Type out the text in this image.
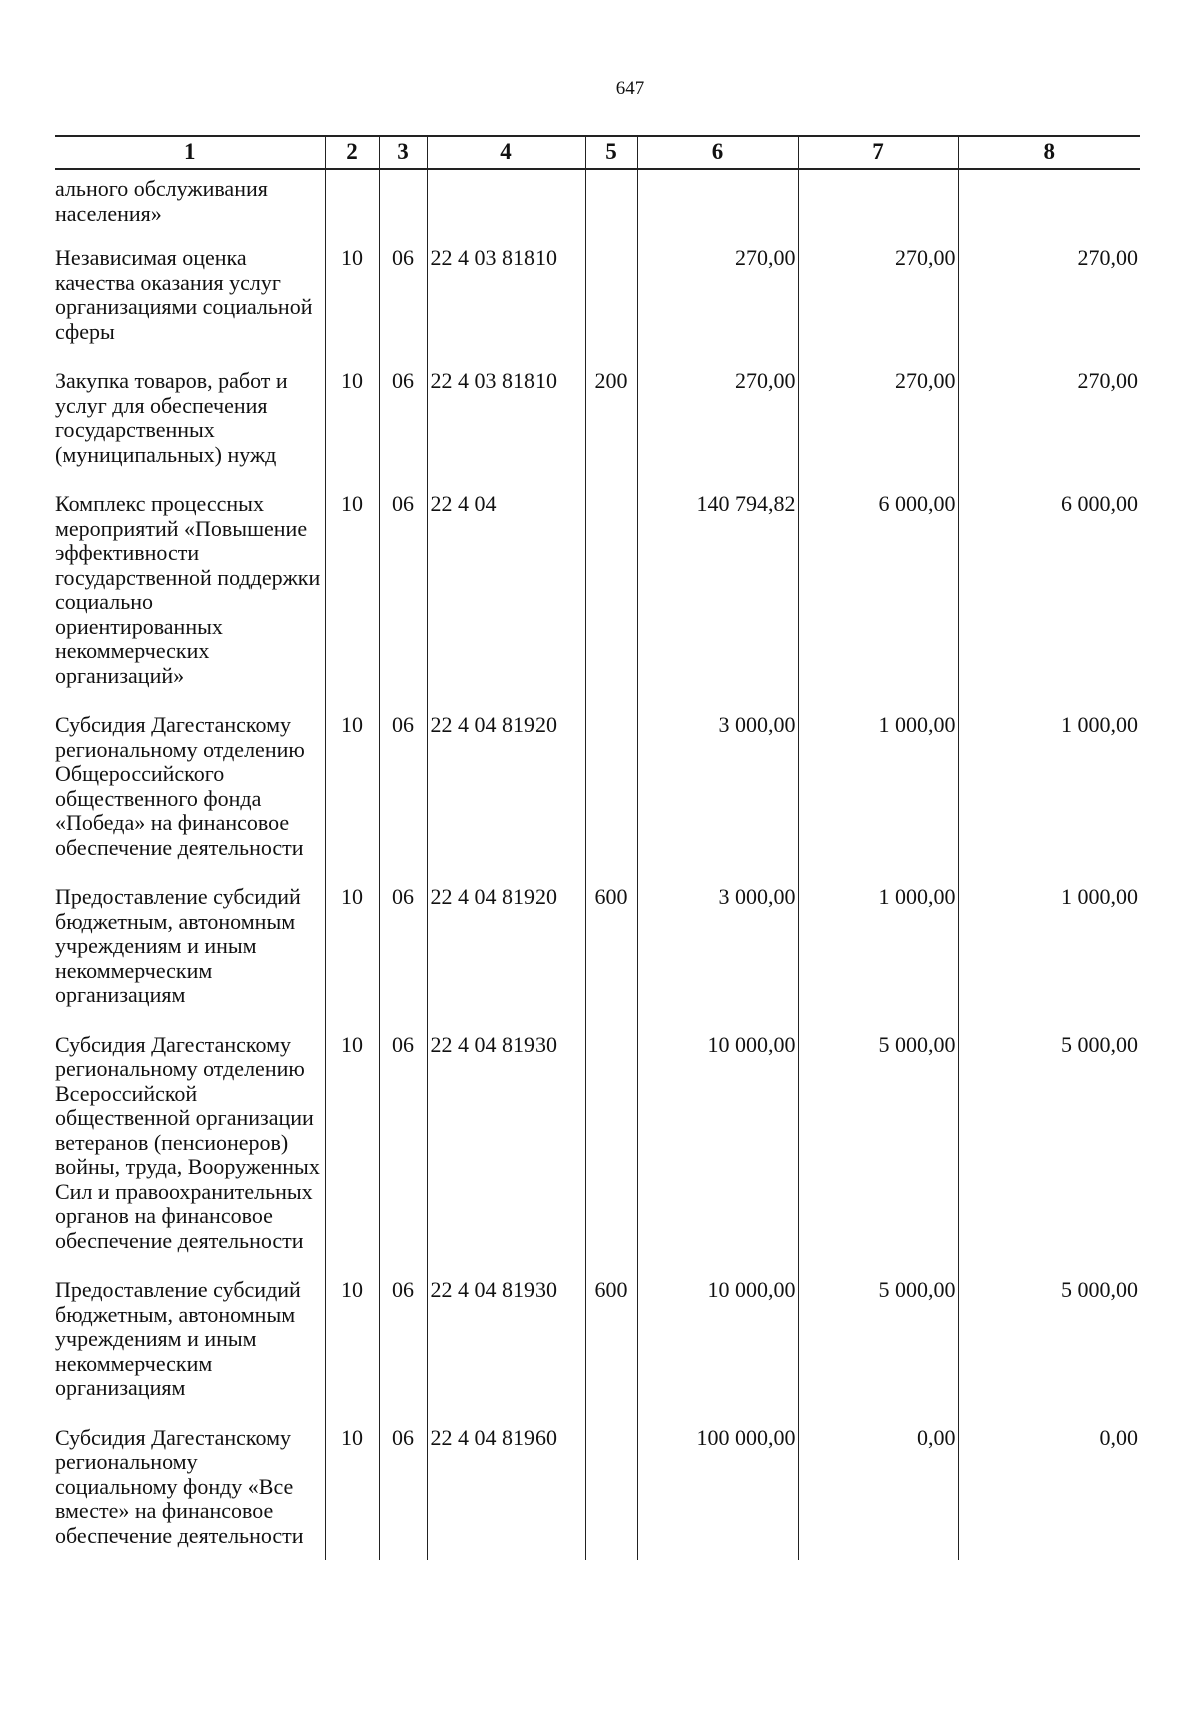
647
1	2	3	4	5	6	7	8
ального обслуживания населения»							
Независимая оценка качества оказания услуг организациями социальной сферы	10	06	22 4 03 81810		270,00	270,00	270,00
Закупка товаров, работ и услуг для обеспечения государственных (муниципальных) нужд	10	06	22 4 03 81810	200	270,00	270,00	270,00
Комплекс процессных мероприятий «Повышение эффективности государственной поддержки социально ориентированных некоммерческих организаций»	10	06	22 4 04		140 794,82	6 000,00	6 000,00
Субсидия Дагестанскому региональному отделению Общероссийского общественного фонда «Победа» на финансовое обеспечение деятельности	10	06	22 4 04 81920		3 000,00	1 000,00	1 000,00
Предоставление субсидий бюджетным, автономным учреждениям и иным некоммерческим организациям	10	06	22 4 04 81920	600	3 000,00	1 000,00	1 000,00
Субсидия Дагестанскому региональному отделению Всероссийской общественной организации ветеранов (пенсионеров) войны, труда, Вооруженных Сил и правоохранительных органов на финансовое обеспечение деятельности	10	06	22 4 04 81930		10 000,00	5 000,00	5 000,00
Предоставление субсидий бюджетным, автономным учреждениям и иным некоммерческим организациям	10	06	22 4 04 81930	600	10 000,00	5 000,00	5 000,00
Субсидия Дагестанскому региональному социальному фонду «Все вместе» на финансовое обеспечение деятельности	10	06	22 4 04 81960		100 000,00	0,00	0,00
